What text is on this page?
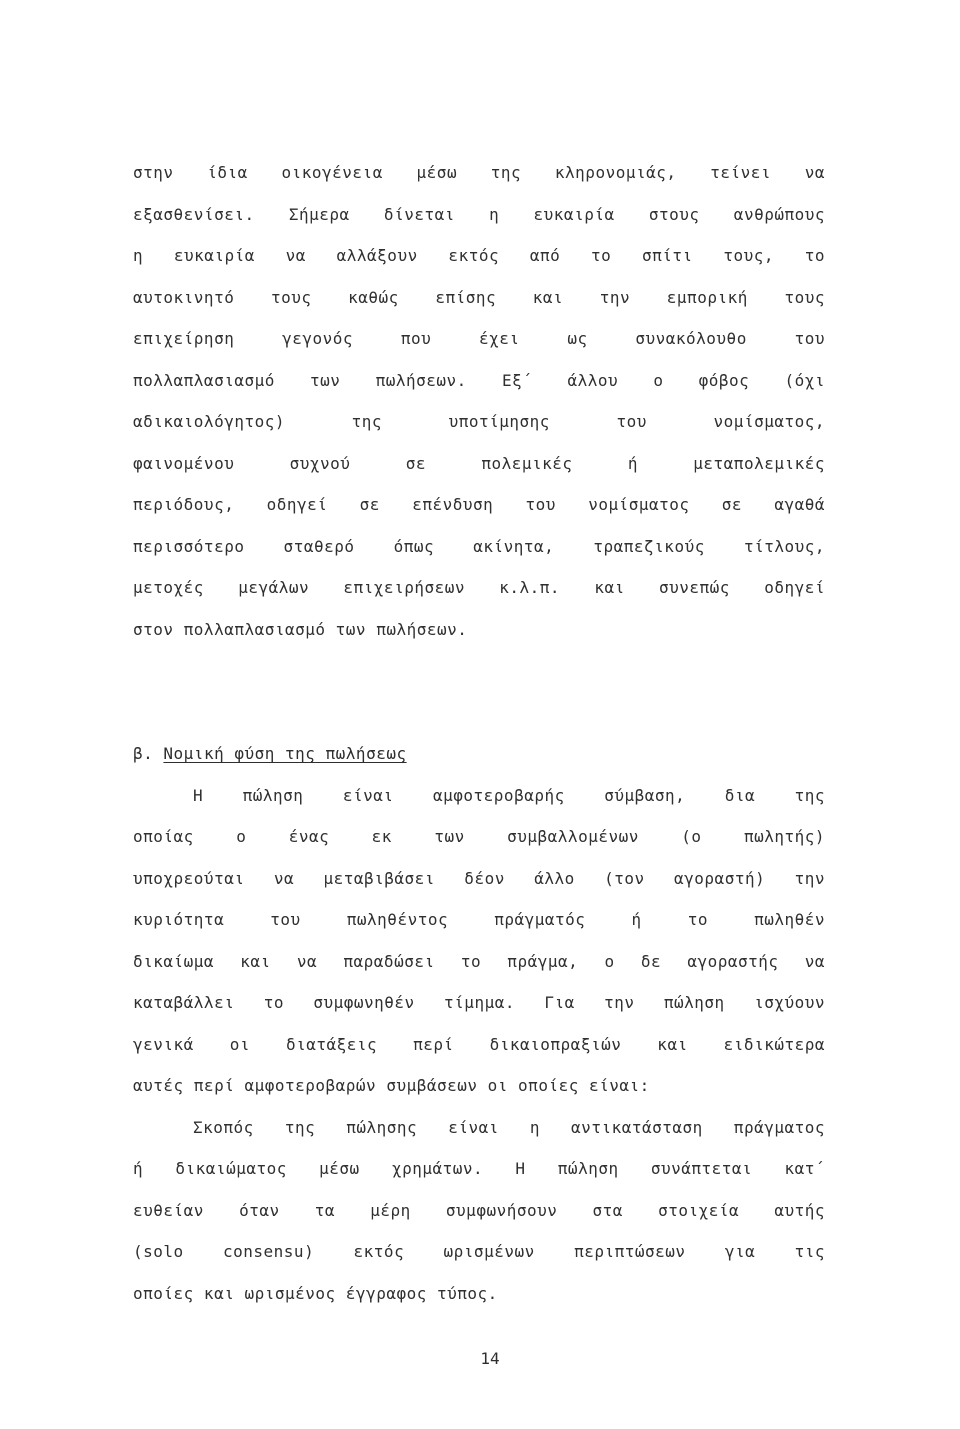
στην ίδια οικογένεια μέσω της κληρονομιάς, τείνει να
εξασθενίσει. Σήμερα δίνεται η ευκαιρία στους ανθρώπους
η ευκαιρία να αλλάξουν εκτός από το σπίτι τους, το
αυτοκινητό τους καθώς επίσης και την εμπορική τους
επιχείρηση γεγονός που έχει ως συνακόλουθο του
πολλαπλασιασμό των πωλήσεων. Εξ΄ άλλου ο φόβος (όχι
αδικαιολόγητος) της υποτίμησης του νομίσματος,
φαινομένου συχνού σε πολεμικές ή μεταπολεμικές
περιόδους, οδηγεί σε επένδυση του νομίσματος σε αγαθά
περισσότερο σταθερό όπως ακίνητα, τραπεζικούς τίτλους,
μετοχές μεγάλων επιχειρήσεων κ.λ.π. και συνεπώς οδηγεί
στον πολλαπλασιασμό των πωλήσεων.
β. Νομική φύση της πωλήσεως
Η πώληση είναι αμφοτεροβαρής σύμβαση, δια της
οποίας ο ένας εκ των συμβαλλομένων (ο πωλητής)
υποχρεούται να μεταβιβάσει δέον άλλο (τον αγοραστή) την
κυριότητα του πωληθέντος πράγματός ή το πωληθέν
δικαίωμα και να παραδώσει το πράγμα, ο δε αγοραστής να
καταβάλλει το συμφωνηθέν τίμημα. Για την πώληση ισχύουν
γενικά οι διατάξεις περί δικαιοπραξιών και ειδικώτερα
αυτές περί αμφοτεροβαρών συμβάσεων οι οποίες είναι:
Σκοπός της πώλησης είναι η αντικατάσταση πράγματος
ή δικαιώματος μέσω χρημάτων. Η πώληση συνάπτεται κατ΄
ευθείαν όταν τα μέρη συμφωνήσουν στα στοιχεία αυτής
(solo consensu) εκτός ωρισμένων περιπτώσεων για τις
οποίες και ωρισμένος έγγραφος τύπος.
14
